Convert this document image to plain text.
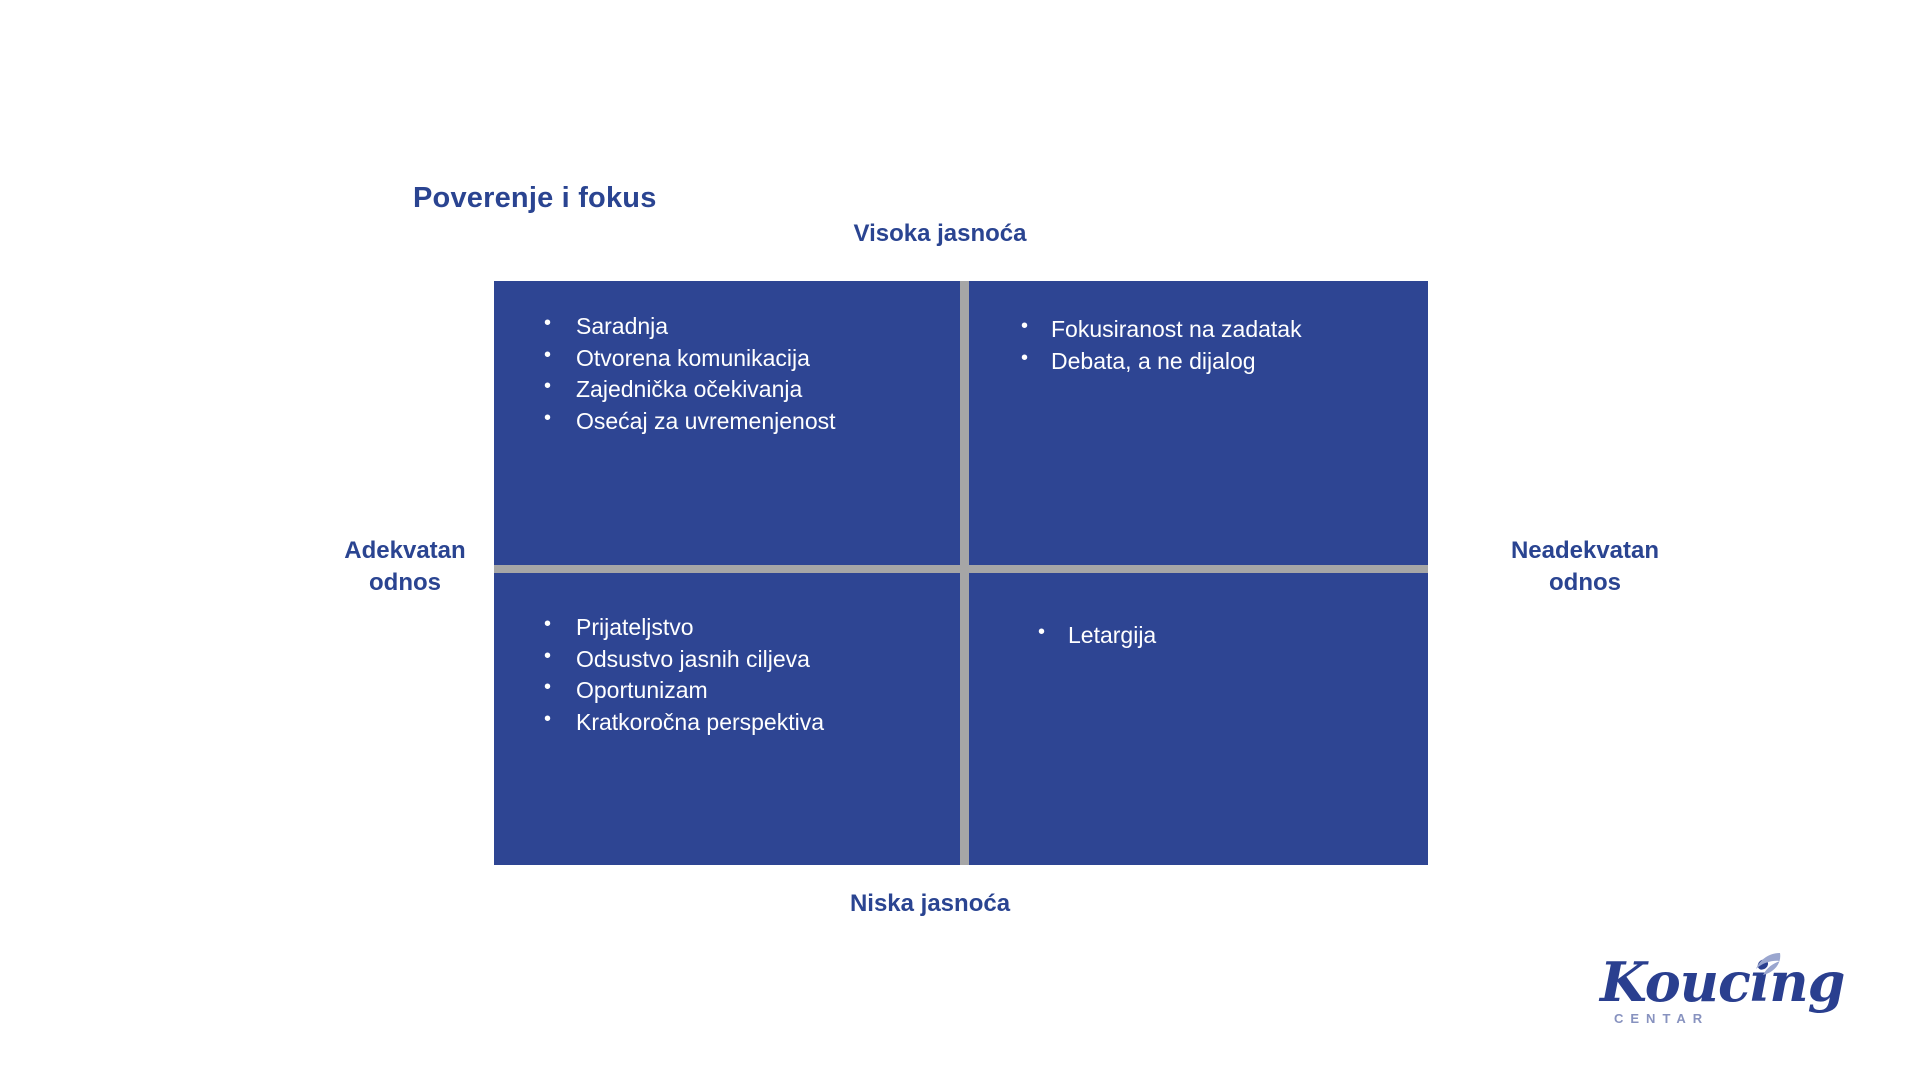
Poverenje i fokus
Visoka jasnoća
Adekvatan
odnos
Neadekvatan
odnos
Niska jasnoća
• Saradnja
• Otvorena komunikacija
• Zajednička očekivanja
• Osećaj za uvremenjenost
• Fokusiranost na zadatak
• Debata, a ne dijalog
• Prijateljstvo
• Odsustvo jasnih ciljeva
• Oportunizam
• Kratkoročna perspektiva
• Letargija
Koucing
CENTAR
